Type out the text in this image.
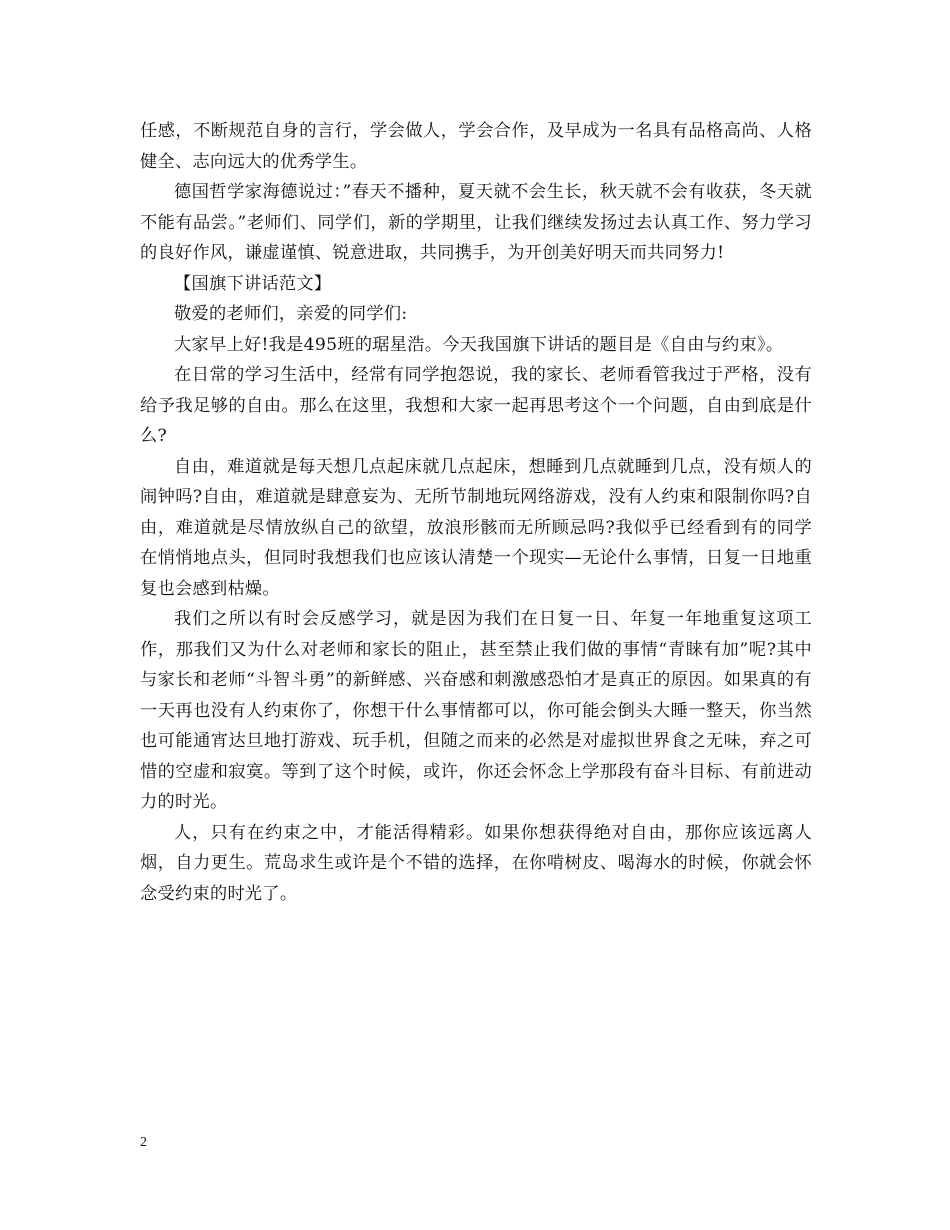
任感，不断规范自身的言行，学会做人，学会合作，及早成为一名具有品格高尚、人格健全、志向远大的优秀学生。

德国哲学家海德说过：”春天不播种，夏天就不会生长，秋天就不会有收获，冬天就不能有品尝。”老师们、同学们，新的学期里，让我们继续发扬过去认真工作、努力学习的良好作风，谦虚谨慎、锐意进取，共同携手，为开创美好明天而共同努力!

【国旗下讲话范文】

敬爱的老师们，亲爱的同学们:

大家早上好!我是495班的琚星浩。今天我国旗下讲话的题目是《自由与约束》。

在日常的学习生活中，经常有同学抱怨说，我的家长、老师看管我过于严格，没有给予我足够的自由。那么在这里，我想和大家一起再思考这个一个问题，自由到底是什么?

自由，难道就是每天想几点起床就几点起床，想睡到几点就睡到几点，没有烦人的闹钟吗?自由，难道就是肆意妄为、无所节制地玩网络游戏，没有人约束和限制你吗?自由，难道就是尽情放纵自己的欲望，放浪形骸而无所顾忌吗?我似乎已经看到有的同学在悄悄地点头，但同时我想我们也应该认清楚一个现实—无论什么事情，日复一日地重复也会感到枯燥。

我们之所以有时会反感学习，就是因为我们在日复一日、年复一年地重复这项工作，那我们又为什么对老师和家长的阻止，甚至禁止我们做的事情“青睐有加”呢?其中与家长和老师“斗智斗勇”的新鲜感、兴奋感和刺激感恐怕才是真正的原因。如果真的有一天再也没有人约束你了，你想干什么事情都可以，你可能会倒头大睡一整天，你当然也可能通宵达旦地打游戏、玩手机，但随之而来的必然是对虚拟世界食之无味，弃之可惜的空虚和寂寞。等到了这个时候，或许，你还会怀念上学那段有奋斗目标、有前进动力的时光。

人，只有在约束之中，才能活得精彩。如果你想获得绝对自由，那你应该远离人烟，自力更生。荒岛求生或许是个不错的选择，在你啃树皮、喝海水的时候，你就会怀念受约束的时光了。

2
